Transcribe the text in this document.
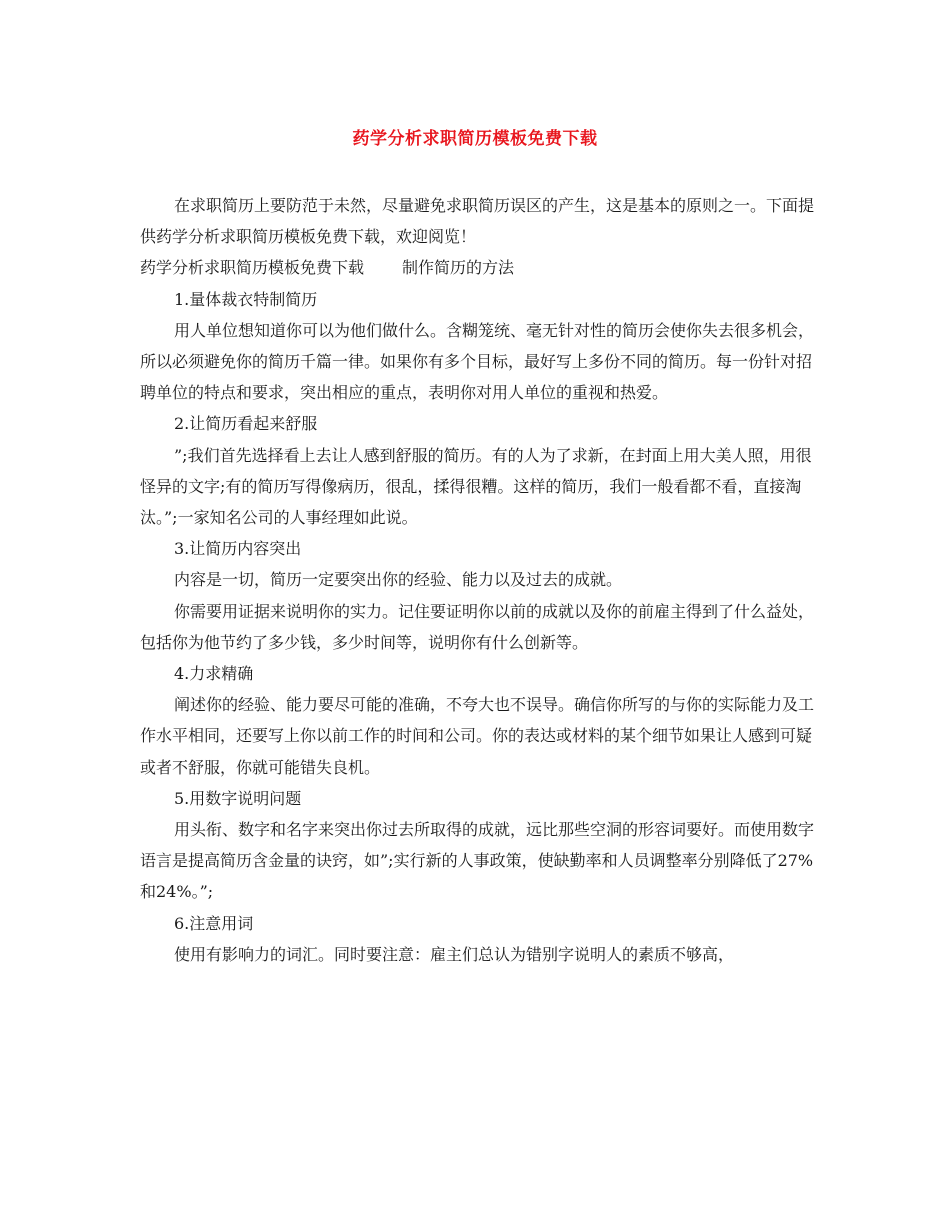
药学分析求职简历模板免费下载

在求职简历上要防范于未然，尽量避免求职简历误区的产生，这是基本的原则之一。下面提供药学分析求职简历模板免费下载，欢迎阅览！

药学分析求职简历模板免费下载 制作简历的方法

1.量体裁衣特制简历

用人单位想知道你可以为他们做什么。含糊笼统、毫无针对性的简历会使你失去很多机会，所以必须避免你的简历千篇一律。如果你有多个目标，最好写上多份不同的简历。每一份针对招聘单位的特点和要求，突出相应的重点，表明你对用人单位的重视和热爱。

2.让简历看起来舒服

”;我们首先选择看上去让人感到舒服的简历。有的人为了求新，在封面上用大美人照，用很怪异的文字;有的简历写得像病历，很乱，揉得很糟。这样的简历，我们一般看都不看，直接淘汰。”;一家知名公司的人事经理如此说。

3.让简历内容突出

内容是一切，简历一定要突出你的经验、能力以及过去的成就。

你需要用证据来说明你的实力。记住要证明你以前的成就以及你的前雇主得到了什么益处，包括你为他节约了多少钱，多少时间等，说明你有什么创新等。

4.力求精确

阐述你的经验、能力要尽可能的准确，不夸大也不误导。确信你所写的与你的实际能力及工作水平相同，还要写上你以前工作的时间和公司。你的表达或材料的某个细节如果让人感到可疑或者不舒服，你就可能错失良机。

5.用数字说明问题

用头衔、数字和名字来突出你过去所取得的成就，远比那些空洞的形容词要好。而使用数字语言是提高简历含金量的诀窍，如”;实行新的人事政策，使缺勤率和人员调整率分别降低了27%和24%。”;

6.注意用词

使用有影响力的词汇。同时要注意：雇主们总认为错别字说明人的素质不够高，
